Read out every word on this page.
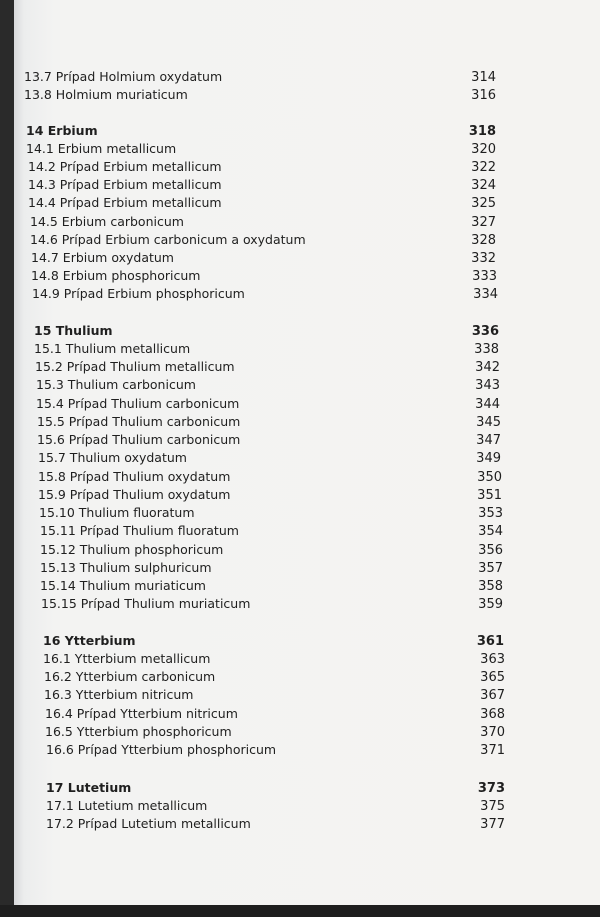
13.7 Prípad Holmium oxydatum	314
13.8 Holmium muriaticum	316
14 Erbium	318
14.1 Erbium metallicum	320
14.2 Prípad Erbium metallicum	322
14.3 Prípad Erbium metallicum	324
14.4 Prípad Erbium metallicum	325
14.5 Erbium carbonicum	327
14.6 Prípad Erbium carbonicum a oxydatum	328
14.7 Erbium oxydatum	332
14.8 Erbium phosphoricum	333
14.9 Prípad Erbium phosphoricum	334
15 Thulium	336
15.1 Thulium metallicum	338
15.2 Prípad Thulium metallicum	342
15.3 Thulium carbonicum	343
15.4 Prípad Thulium carbonicum	344
15.5 Prípad Thulium carbonicum	345
15.6 Prípad Thulium carbonicum	347
15.7 Thulium oxydatum	349
15.8 Prípad Thulium oxydatum	350
15.9 Prípad Thulium oxydatum	351
15.10 Thulium fluoratum	353
15.11 Prípad Thulium fluoratum	354
15.12 Thulium phosphoricum	356
15.13 Thulium sulphuricum	357
15.14 Thulium muriaticum	358
15.15 Prípad Thulium muriaticum	359
16 Ytterbium	361
16.1 Ytterbium metallicum	363
16.2 Ytterbium carbonicum	365
16.3 Ytterbium nitricum	367
16.4 Prípad Ytterbium nitricum	368
16.5 Ytterbium phosphoricum	370
16.6 Prípad Ytterbium phosphoricum	371
17 Lutetium	373
17.1 Lutetium metallicum	375
17.2 Prípad Lutetium metallicum	377
